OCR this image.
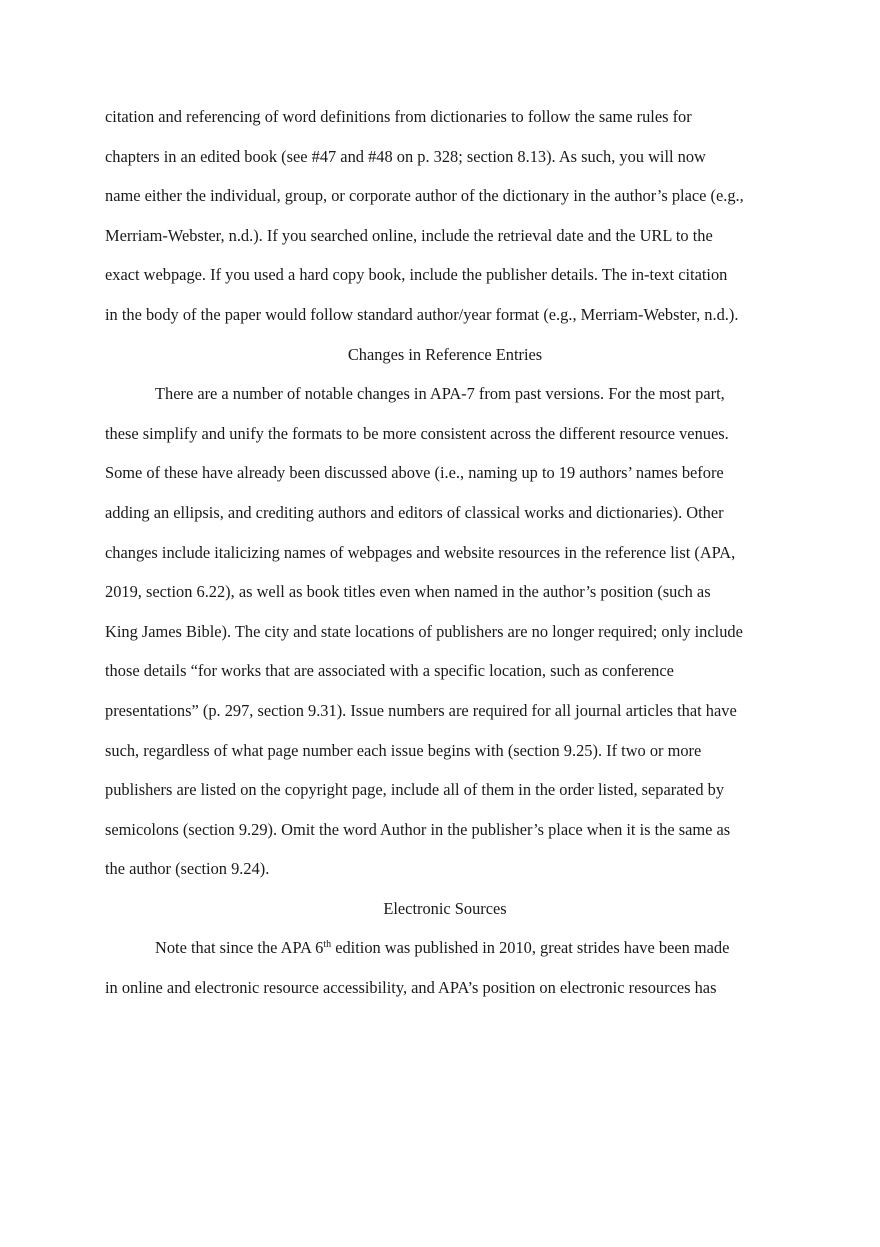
citation and referencing of word definitions from dictionaries to follow the same rules for
chapters in an edited book (see #47 and #48 on p. 328; section 8.13). As such, you will now
name either the individual, group, or corporate author of the dictionary in the author’s place (e.g.,
Merriam-Webster, n.d.). If you searched online, include the retrieval date and the URL to the
exact webpage. If you used a hard copy book, include the publisher details. The in-text citation
in the body of the paper would follow standard author/year format (e.g., Merriam-Webster, n.d.).
Changes in Reference Entries
There are a number of notable changes in APA-7 from past versions. For the most part,
these simplify and unify the formats to be more consistent across the different resource venues.
Some of these have already been discussed above (i.e., naming up to 19 authors’ names before
adding an ellipsis, and crediting authors and editors of classical works and dictionaries). Other
changes include italicizing names of webpages and website resources in the reference list (APA,
2019, section 6.22), as well as book titles even when named in the author’s position (such as
King James Bible). The city and state locations of publishers are no longer required; only include
those details “for works that are associated with a specific location, such as conference
presentations” (p. 297, section 9.31). Issue numbers are required for all journal articles that have
such, regardless of what page number each issue begins with (section 9.25). If two or more
publishers are listed on the copyright page, include all of them in the order listed, separated by
semicolons (section 9.29). Omit the word Author in the publisher’s place when it is the same as
the author (section 9.24).
Electronic Sources
Note that since the APA 6th edition was published in 2010, great strides have been made
in online and electronic resource accessibility, and APA’s position on electronic resources has
